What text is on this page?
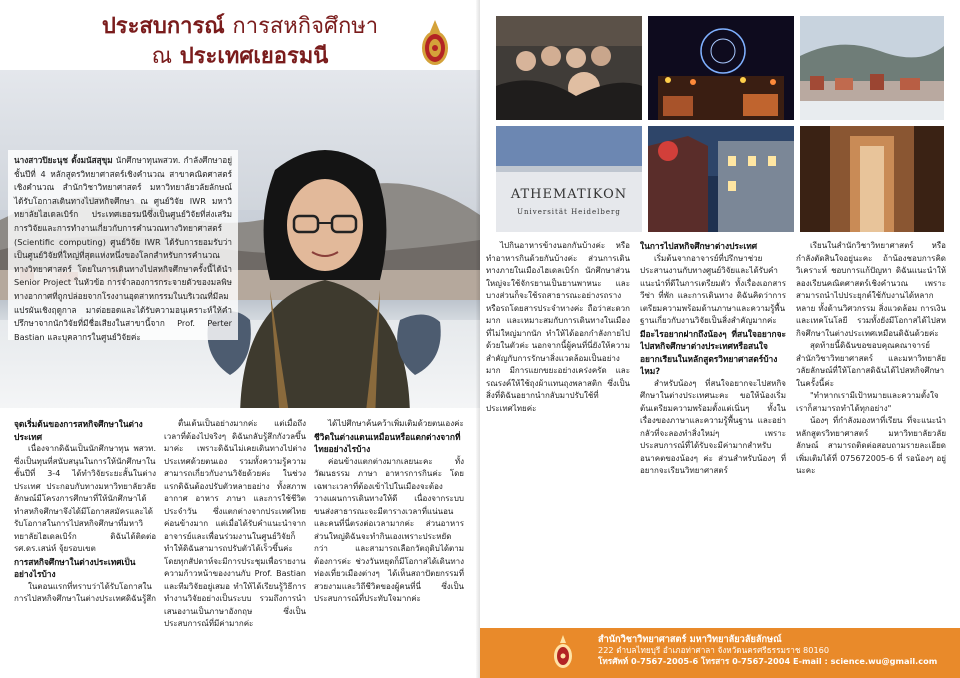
ประสบการณ์ การสหกิจศึกษา
ณ ประเทศเยอรมนี
นางสาวปิยะนุช ตั้งมนัสสุขุม นักศึกษาทุนพสวท. กำลังศึกษาอยู่ชั้นปีที่ 4 หลักสูตรวิทยาศาสตร์เชิงคำนวณ สาขาคณิตศาสตร์เชิงคำนวณ สำนักวิชาวิทยาศาสตร์ มหาวิทยาลัยวลัยลักษณ์ ได้รับโอกาสเดินทางไปสหกิจศึกษา ณ ศูนย์วิจัย IWR มหาวิทยาลัยไฮเดลเบิร์ก ประเทศเยอรมนีซึ่งเป็นศูนย์วิจัยที่ส่งเสริมการวิจัยและการทำงานเกี่ยวกับการคำนวณทางวิทยาศาสตร์ (Scientific computing) ศูนย์วิจัย IWR ได้รับการยอมรับว่าเป็นศูนย์วิจัยที่ใหญ่ที่สุดแห่งหนึ่งของโลกสำหรับการคำนวณทางวิทยาศาสตร์ โดยในการเดินทางไปสหกิจศึกษาครั้งนี้ได้นำ Senior Project ในหัวข้อ การจำลองการกระจายตัวของมลพิษทางอากาศที่ถูกปล่อยจากโรงงานอุตสาหกรรมในบริเวณที่มีลมแปรผันเชิงฤดูกาล มาต่อยอดและได้รับความอนุเคราะห์ให้คำปรึกษาจากนักวิจัยที่มีชื่อเสียงในสาขานี้จาก Prof. Perter Bastian และบุคลากรในศูนย์วิจัยค่ะ
จุดเริ่มต้นของการสหกิจศึกษาในต่างประเทศ

เนื่องจากดิฉันเป็นนักศึกษาทุน พสวท. ซึ่งเป็นทุนที่สนับสนุนในการให้นักศึกษาในชั้นปีที่ 3-4 ได้ทำวิจัยระยะสั้นในต่างประเทศ ประกอบกับทางมหาวิทยาลัยวลัยลักษณ์มีโครงการศึกษาที่ให้นักศึกษาได้ทำสหกิจศึกษาจึงได้มีโอกาสสมัครและได้รับโอกาสในการไปสหกิจศึกษาที่มหาวิทยาลัยไฮเดลเบิร์ก ดิฉันได้ติดต่อ รศ.ดร.เสน่ห์ จุ้ยรอบเขต

การสหกิจศึกษาในต่างประเทศเป็นอย่างไรบ้าง

ในตอนแรกที่ทราบว่าได้รับโอกาสในการไปสหกิจศึกษาในต่างประเทศดิฉันรู้สึก

ตื่นเต้นเป็นอย่างมากค่ะ แต่เมื่อถึงเวลาที่ต้องไปจริงๆ ดิฉันกลับรู้สึกกังวลขึ้นมาค่ะ เพราะดิฉันไม่เคยเดินทางไปต่างประเทศด้วยตนเอง รวมทั้งความรู้ความสามารถเกี่ยวกับงานวิจัยด้วยค่ะ ในช่วงแรกดิฉันต้องปรับตัวหลายอย่าง ทั้งสภาพอากาศ อาหาร ภาษา และการใช้ชีวิตประจำวัน ซึ่งแตกต่างจากประเทศไทยค่อนข้างมาก แต่เมื่อได้รับคำแนะนำจากอาจารย์และเพื่อนร่วมงานในศูนย์วิจัยก็ทำให้ดิฉันสามารถปรับตัวได้เร็วขึ้นค่ะ โดยทุกสัปดาห์จะมีการประชุมเพื่อรายงานความก้าวหน้าของงานกับ Prof. Bastian และทีมวิจัยอยู่เสมอ ทำให้ได้เรียนรู้วิธีการทำงานวิจัยอย่างเป็นระบบ รวมถึงการนำเสนองานเป็นภาษาอังกฤษ ซึ่งเป็นประสบการณ์ที่มีค่ามากค่ะ

ได้ไปศึกษาค้นคว้าเพิ่มเติมด้วยตนเองค่ะ

ชีวิตในต่างแดนเหมือนหรือแตกต่างจากที่ไทยอย่างไรบ้าง

ค่อนข้างแตกต่างมากเลยนะคะ ทั้งวัฒนธรรม ภาษา อาหารการกินค่ะ โดยเฉพาะเวลาที่ต้องเข้าไปในเมืองจะต้องวางแผนการเดินทางให้ดี เนื่องจากระบบขนส่งสาธารณะจะมีตารางเวลาที่แน่นอน และคนที่นี่ตรงต่อเวลามากค่ะ ส่วนอาหารส่วนใหญ่ดิฉันจะทำกินเองเพราะประหยัดกว่า และสามารถเลือกวัตถุดิบได้ตามต้องการค่ะ ช่วงวันหยุดก็มีโอกาสได้เดินทางท่องเที่ยวเมืองต่างๆ ได้เห็นสถาปัตยกรรมที่สวยงามและวิถีชีวิตของผู้คนที่นี่ ซึ่งเป็นประสบการณ์ที่ประทับใจมากค่ะ

ATHEMATIKON
Universität Heidelberg

ไปกินอาหารข้างนอกกันบ้างค่ะ หรือทำอาหารกินด้วยกันบ้างค่ะ ส่วนการเดินทางภายในเมืองไฮเดลเบิร์ก นักศึกษาส่วนใหญ่จะใช้จักรยานเป็นยานพาหนะ และบางส่วนก็จะใช้รถสาธารณะอย่างรถรางหรือรถโดยสารประจำทางค่ะ ถือว่าสะดวกมาก และเหมาะสมกับการเดินทางในเมืองที่ไม่ใหญ่มากนัก ทำให้ได้ออกกำลังกายไปด้วยในตัวค่ะ นอกจากนี้ผู้คนที่นี่ยังให้ความสำคัญกับการรักษาสิ่งแวดล้อมเป็นอย่างมาก มีการแยกขยะอย่างเคร่งครัด และรณรงค์ให้ใช้ถุงผ้าแทนถุงพลาสติก ซึ่งเป็นสิ่งที่ดิฉันอยากนำกลับมาปรับใช้ที่ประเทศไทยค่ะ

ในการไปสหกิจศึกษาต่างประเทศ

เริ่มต้นจากอาจารย์ที่ปรึกษาช่วยประสานงานกับทางศูนย์วิจัยและได้รับคำแนะนำที่ดีในการเตรียมตัว ทั้งเรื่องเอกสาร วีซ่า ที่พัก และการเดินทาง ดิฉันคิดว่าการเตรียมความพร้อมด้านภาษาและความรู้พื้นฐานเกี่ยวกับงานวิจัยเป็นสิ่งสำคัญมากค่ะ

มีอะไรอยากฝากถึงน้องๆ ที่สนใจอยากจะไปสหกิจศึกษาต่างประเทศหรือสนใจอยากเรียนในหลักสูตรวิทยาศาสตร์บ้างไหม?

สำหรับน้องๆ ที่สนใจอยากจะไปสหกิจศึกษาในต่างประเทศนะคะ ขอให้น้องเริ่มต้นเตรียมความพร้อมตั้งแต่เนิ่นๆ ทั้งในเรื่องของภาษาและความรู้พื้นฐาน และอย่ากลัวที่จะลองทำสิ่งใหม่ๆ เพราะประสบการณ์ที่ได้รับจะมีค่ามากสำหรับอนาคตของน้องๆ ค่ะ ส่วนสำหรับน้องๆ ที่อยากจะเรียนวิทยาศาสตร์

เรียนในสำนักวิชาวิทยาศาสตร์ หรือ กำลังตัดสินใจอยู่นะคะ ถ้าน้องชอบการคิดวิเคราะห์ ชอบการแก้ปัญหา ดิฉันแนะนำให้ลองเรียนคณิตศาสตร์เชิงคำนวณ เพราะสามารถนำไปประยุกต์ใช้กับงานได้หลากหลาย ทั้งด้านวิศวกรรม สิ่งแวดล้อม การเงิน และเทคโนโลยี รวมทั้งยังมีโอกาสได้ไปสหกิจศึกษาในต่างประเทศเหมือนดิฉันด้วยค่ะ

สุดท้ายนี้ดิฉันขอขอบคุณคณาจารย์ สำนักวิชาวิทยาศาสตร์ และมหาวิทยาลัยวลัยลักษณ์ที่ให้โอกาสดิฉันได้ไปสหกิจศึกษาในครั้งนี้ค่ะ

"ทำหากเรามีเป้าหมายและความตั้งใจ เราก็สามารถทำได้ทุกอย่าง"

น้องๆ ที่กำลังมองหาที่เรียน ที่จะแนะนำหลักสูตรวิทยาศาสตร์ มหาวิทยาลัยวลัยลักษณ์ สามารถติดต่อสอบถามรายละเอียดเพิ่มเติมได้ที่ 075672005-6 ที่ รอน้องๆ อยู่นะคะ

สำนักวิชาวิทยาศาสตร์ มหาวิทยาลัยวลัยลักษณ์
222 ตำบลไทยบุรี อำเภอท่าศาลา จังหวัดนครศรีธรรมราช 80160
โทรศัพท์ 0-7567-2005-6 โทรสาร 0-7567-2004 E-mail : science.wu@gmail.com
